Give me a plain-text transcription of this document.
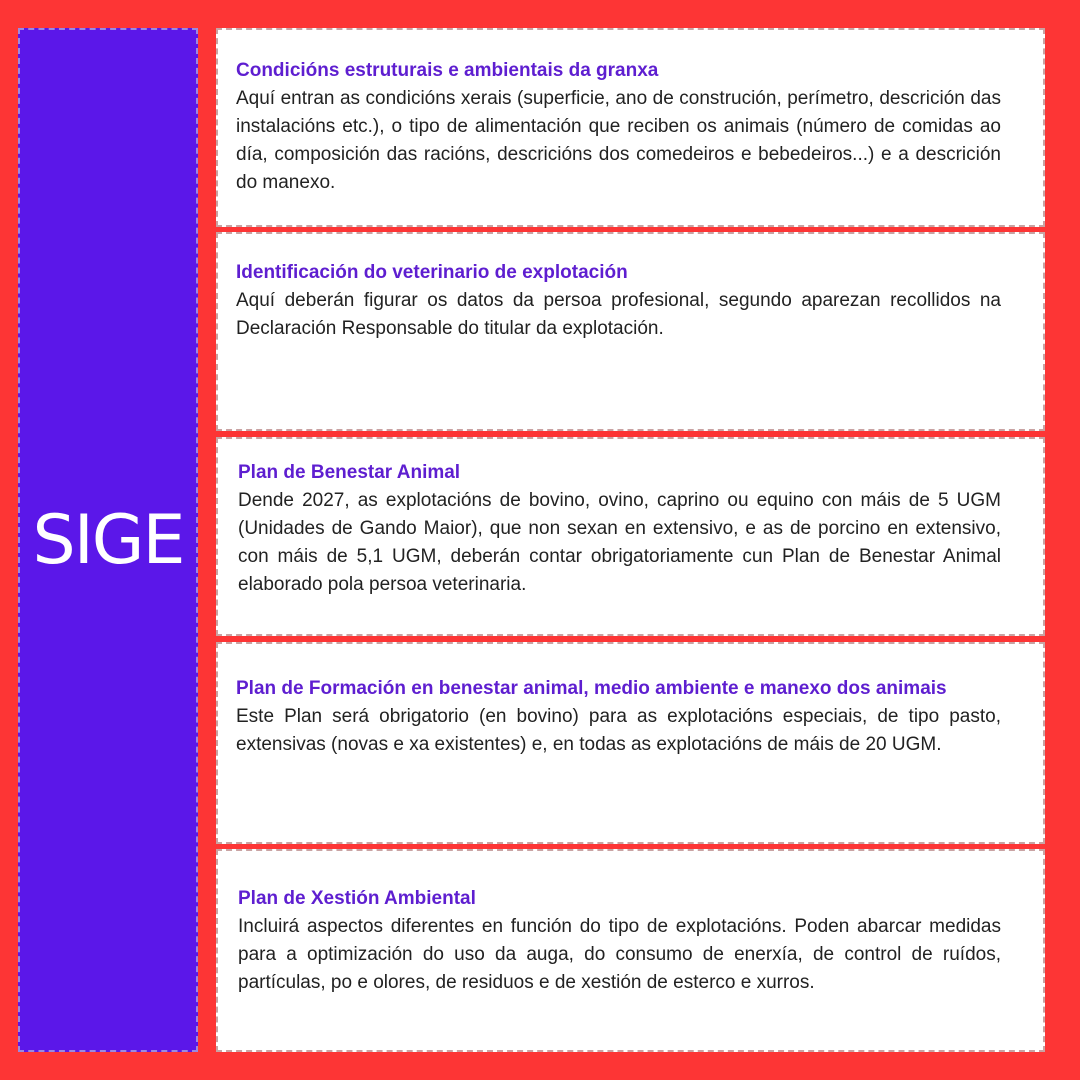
SIGE

Condicións estruturais e ambientais da granxa

Aquí entran as condicións xerais (superficie, ano de construción, perímetro, descrición das instalacións etc.), o tipo de alimentación que reciben os animais (número de comidas ao día, composición das racións, descricións dos comedeiros e bebedeiros...) e a descrición do manexo.

Identificación do veterinario de explotación

Aquí deberán figurar os datos da persoa profesional, segundo aparezan recollidos na Declaración Responsable do titular da explotación.

Plan de Benestar Animal

Dende 2027, as explotacións de bovino, ovino, caprino ou equino con máis de 5 UGM (Unidades de Gando Maior), que non sexan en extensivo, e as de porcino en extensivo, con máis de 5,1 UGM, deberán contar obrigatoriamente cun Plan de Benestar Animal elaborado pola persoa veterinaria.

Plan de Formación en benestar animal, medio ambiente e manexo dos animais

Este Plan será obrigatorio (en bovino) para as explotacións especiais, de tipo pasto, extensivas (novas e xa existentes) e, en todas as explotacións de máis de 20 UGM.

Plan de Xestión Ambiental

Incluirá aspectos diferentes en función do tipo de explotacións. Poden abarcar medidas para a optimización do uso da auga, do consumo de enerxía, de control de ruídos, partículas, po e olores, de residuos e de xestión de esterco e xurros.
